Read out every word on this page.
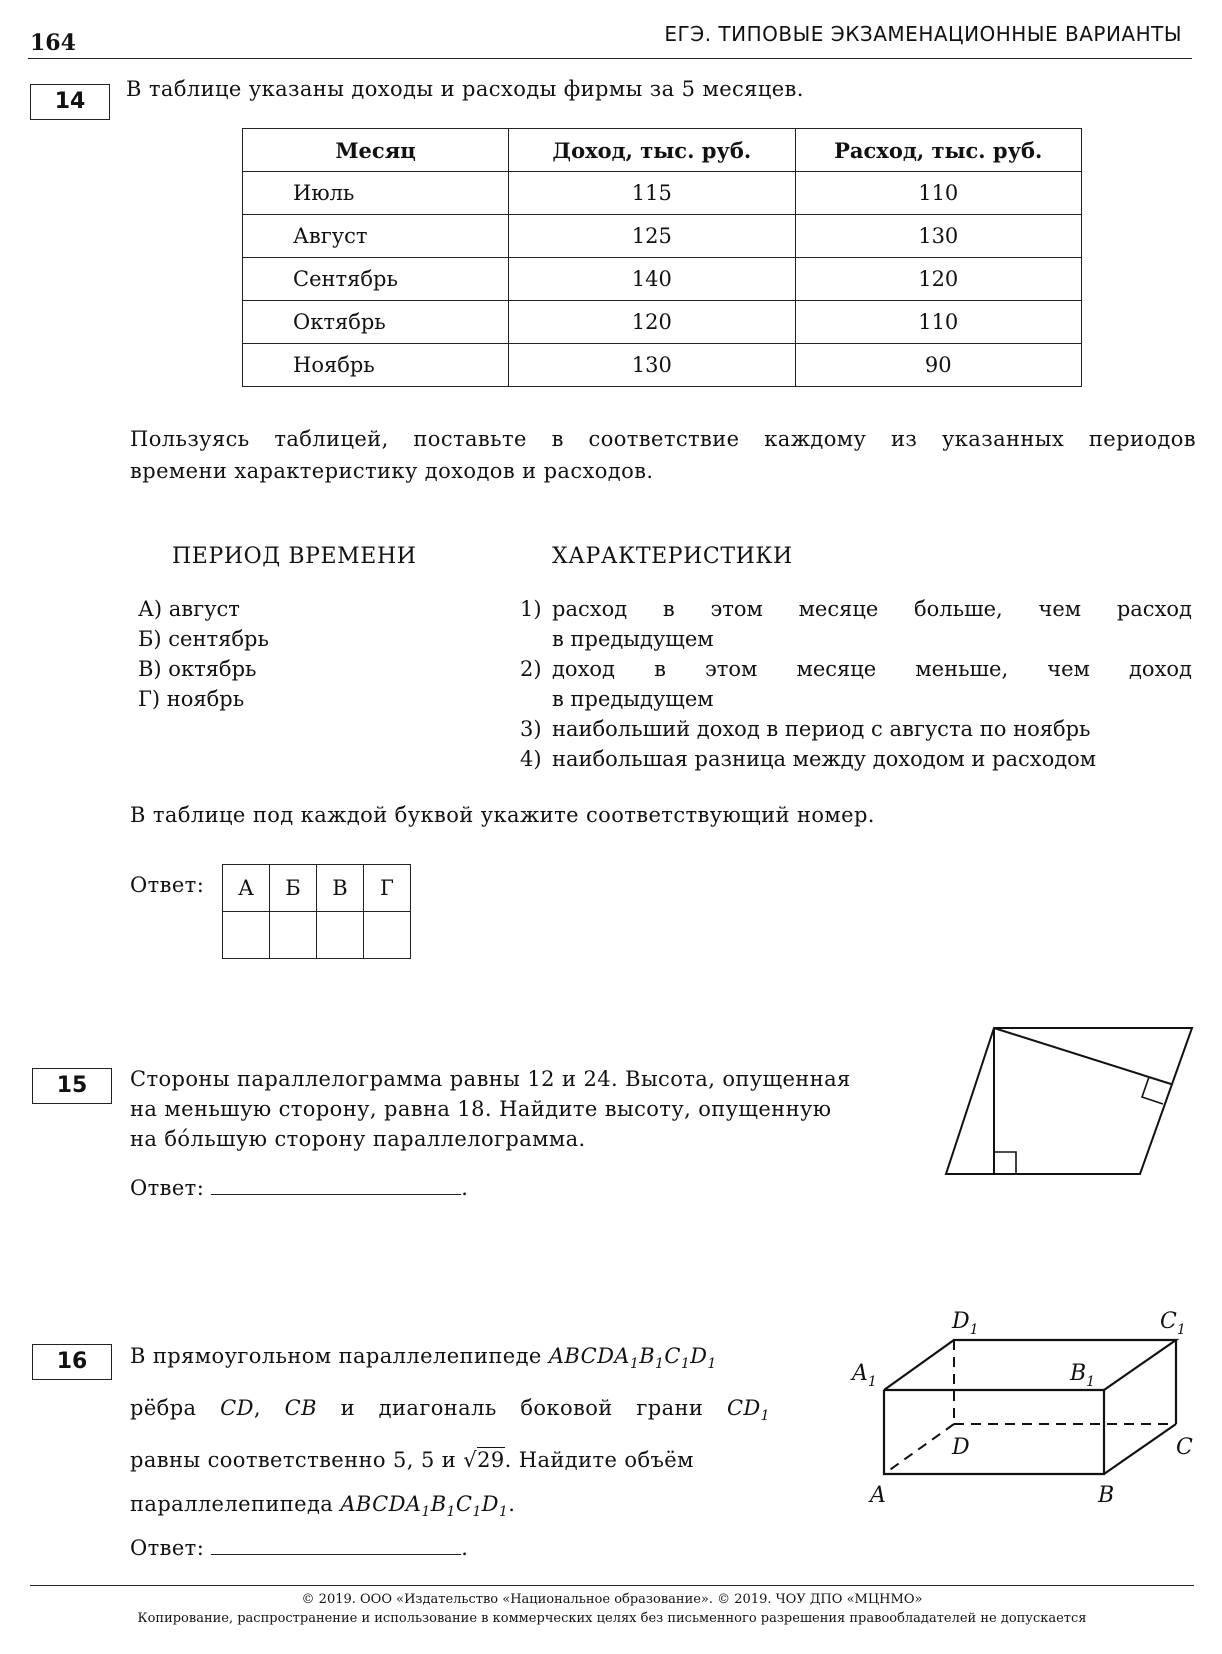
164	ЕГЭ. ТИПОВЫЕ ЭКЗАМЕНАЦИОННЫЕ ВАРИАНТЫ
14	В таблице указаны доходы и расходы фирмы за 5 месяцев.
Месяц	Доход, тыс. руб.	Расход, тыс. руб.
Июль	115	110
Август	125	130
Сентябрь	140	120
Октябрь	120	110
Ноябрь	130	90
Пользуясь таблицей, поставьте в соответствие каждому из указанных периодов
времени характеристику доходов и расходов.
ПЕРИОД ВРЕМЕНИ	ХАРАКТЕРИСТИКИ
А) август
Б) сентябрь
В) октябрь
Г) ноябрь
1) расход в этом месяце больше, чем расход
в предыдущем
2) доход в этом месяце меньше, чем доход
в предыдущем
3) наибольший доход в период с августа по ноябрь
4) наибольшая разница между доходом и расходом
В таблице под каждой буквой укажите соответствующий номер.
Ответ: А	Б	В	Г

15	Стороны параллелограмма равны 12 и 24. Высота, опущенная
на меньшую сторону, равна 18. Найдите высоту, опущенную
на бо́льшую сторону параллелограмма.
Ответ:	.
16	В прямоугольном параллелепипеде $ABCDA_1B_1C_1D_1$
рёбра CD, CB и диагональ боковой грани $CD_1$
равны соответственно 5, 5 и √29. Найдите объём
параллелепипеда $ABCDA_1B_1C_1D_1$.
Ответ:	.
$D_1$	$C_1$
$A_1$	$B_1$
D	C
A	B
© 2019. ООО «Издательство «Национальное образование». © 2019. ЧОУ ДПО «МЦНМО»
Копирование, распространение и использование в коммерческих целях без письменного разрешения правообладателей не допускается
